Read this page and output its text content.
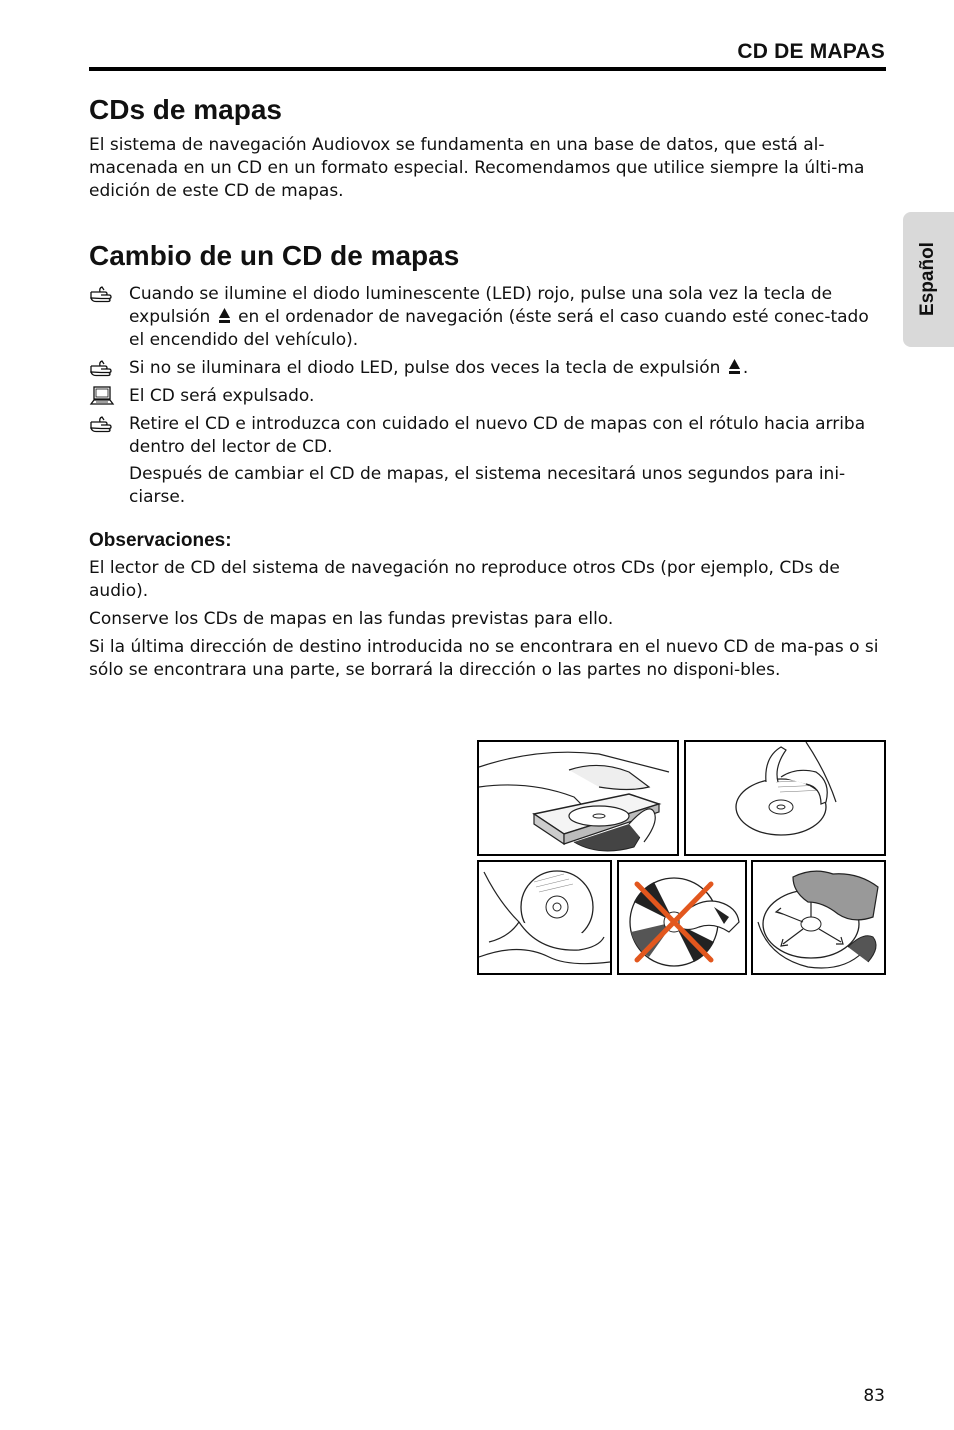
CD DE MAPAS
Español
CDs de mapas

El sistema de navegación Audiovox se fundamenta en una base de datos, que está al-macenada en un CD en un formato especial. Recomendamos que utilice siempre la últi-ma edición de este CD de mapas.

Cambio de un CD de mapas
Cuando se ilumine el diodo luminescente (LED) rojo, pulse una sola vez la tecla de expulsión en el ordenador de navegación (éste será el caso cuando esté conec-tado el encendido del vehículo).
Si no se iluminara el diodo LED, pulse dos veces la tecla de expulsión .
El CD será expulsado.
Retire el CD e introduzca con cuidado el nuevo CD de mapas con el rótulo hacia arriba dentro del lector de CD.

Después de cambiar el CD de mapas, el sistema necesitará unos segundos para ini-ciarse.

Observaciones:

El lector de CD del sistema de navegación no reproduce otros CDs (por ejemplo, CDs de audio).

Conserve los CDs de mapas en las fundas previstas para ello.

Si la última dirección de destino introducida no se encontrara en el nuevo CD de ma-pas o si sólo se encontrara una parte, se borrará la dirección o las partes no disponi-bles.

83
